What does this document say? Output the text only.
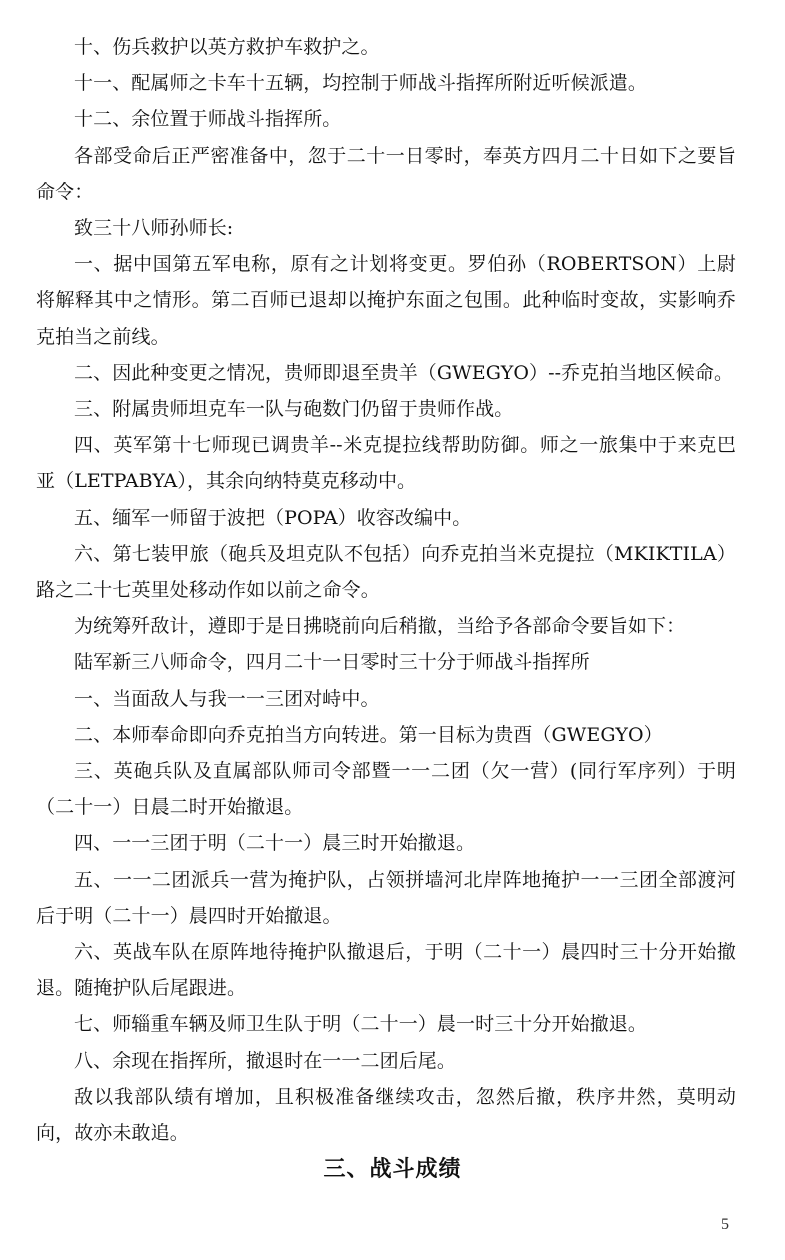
十、伤兵救护以英方救护车救护之。

十一、配属师之卡车十五辆，均控制于师战斗指挥所附近听候派遣。

十二、余位置于师战斗指挥所。

各部受命后正严密准备中，忽于二十一日零时，奉英方四月二十日如下之要旨命令：

致三十八师孙师长:

一、据中国第五军电称，原有之计划将变更。罗伯孙（ROBERTSON）上尉将解释其中之情形。第二百师已退却以掩护东面之包围。此种临时变故，实影响乔克拍当之前线。

二、因此种变更之情况，贵师即退至贵羊（GWEGYO）--乔克拍当地区候命。

三、附属贵师坦克车一队与砲数门仍留于贵师作战。

四、英军第十七师现已调贵羊--米克提拉线帮助防御。师之一旅集中于来克巴亚（LETPABYA），其余向纳特莫克移动中。

五、缅军一师留于波把（POPA）收容改编中。

六、第七装甲旅（砲兵及坦克队不包括）向乔克拍当米克提拉（MKIKTILA）路之二十七英里处移动作如以前之命令。

为统筹歼敌计，遵即于是日拂晓前向后稍撤，当给予各部命令要旨如下：

陆军新三八师命令，四月二十一日零时三十分于师战斗指挥所

一、当面敌人与我一一三团对峙中。

二、本师奉命即向乔克拍当方向转进。第一目标为贵酉（GWEGYO）

三、英砲兵队及直属部队师司令部暨一一二团（欠一营）(同行军序列）于明（二十一）日晨二时开始撤退。

四、一一三团于明（二十一）晨三时开始撤退。

五、一一二团派兵一营为掩护队，占领拼墙河北岸阵地掩护一一三团全部渡河后于明（二十一）晨四时开始撤退。

六、英战车队在原阵地待掩护队撤退后，于明（二十一）晨四时三十分开始撤退。随掩护队后尾跟进。

七、师辎重车辆及师卫生队于明（二十一）晨一时三十分开始撤退。

八、余现在指挥所，撤退时在一一二团后尾。

敌以我部队绩有增加，且积极准备继续攻击，忽然后撤，秩序井然，莫明动向，故亦未敢追。

三、战斗成绩
5
